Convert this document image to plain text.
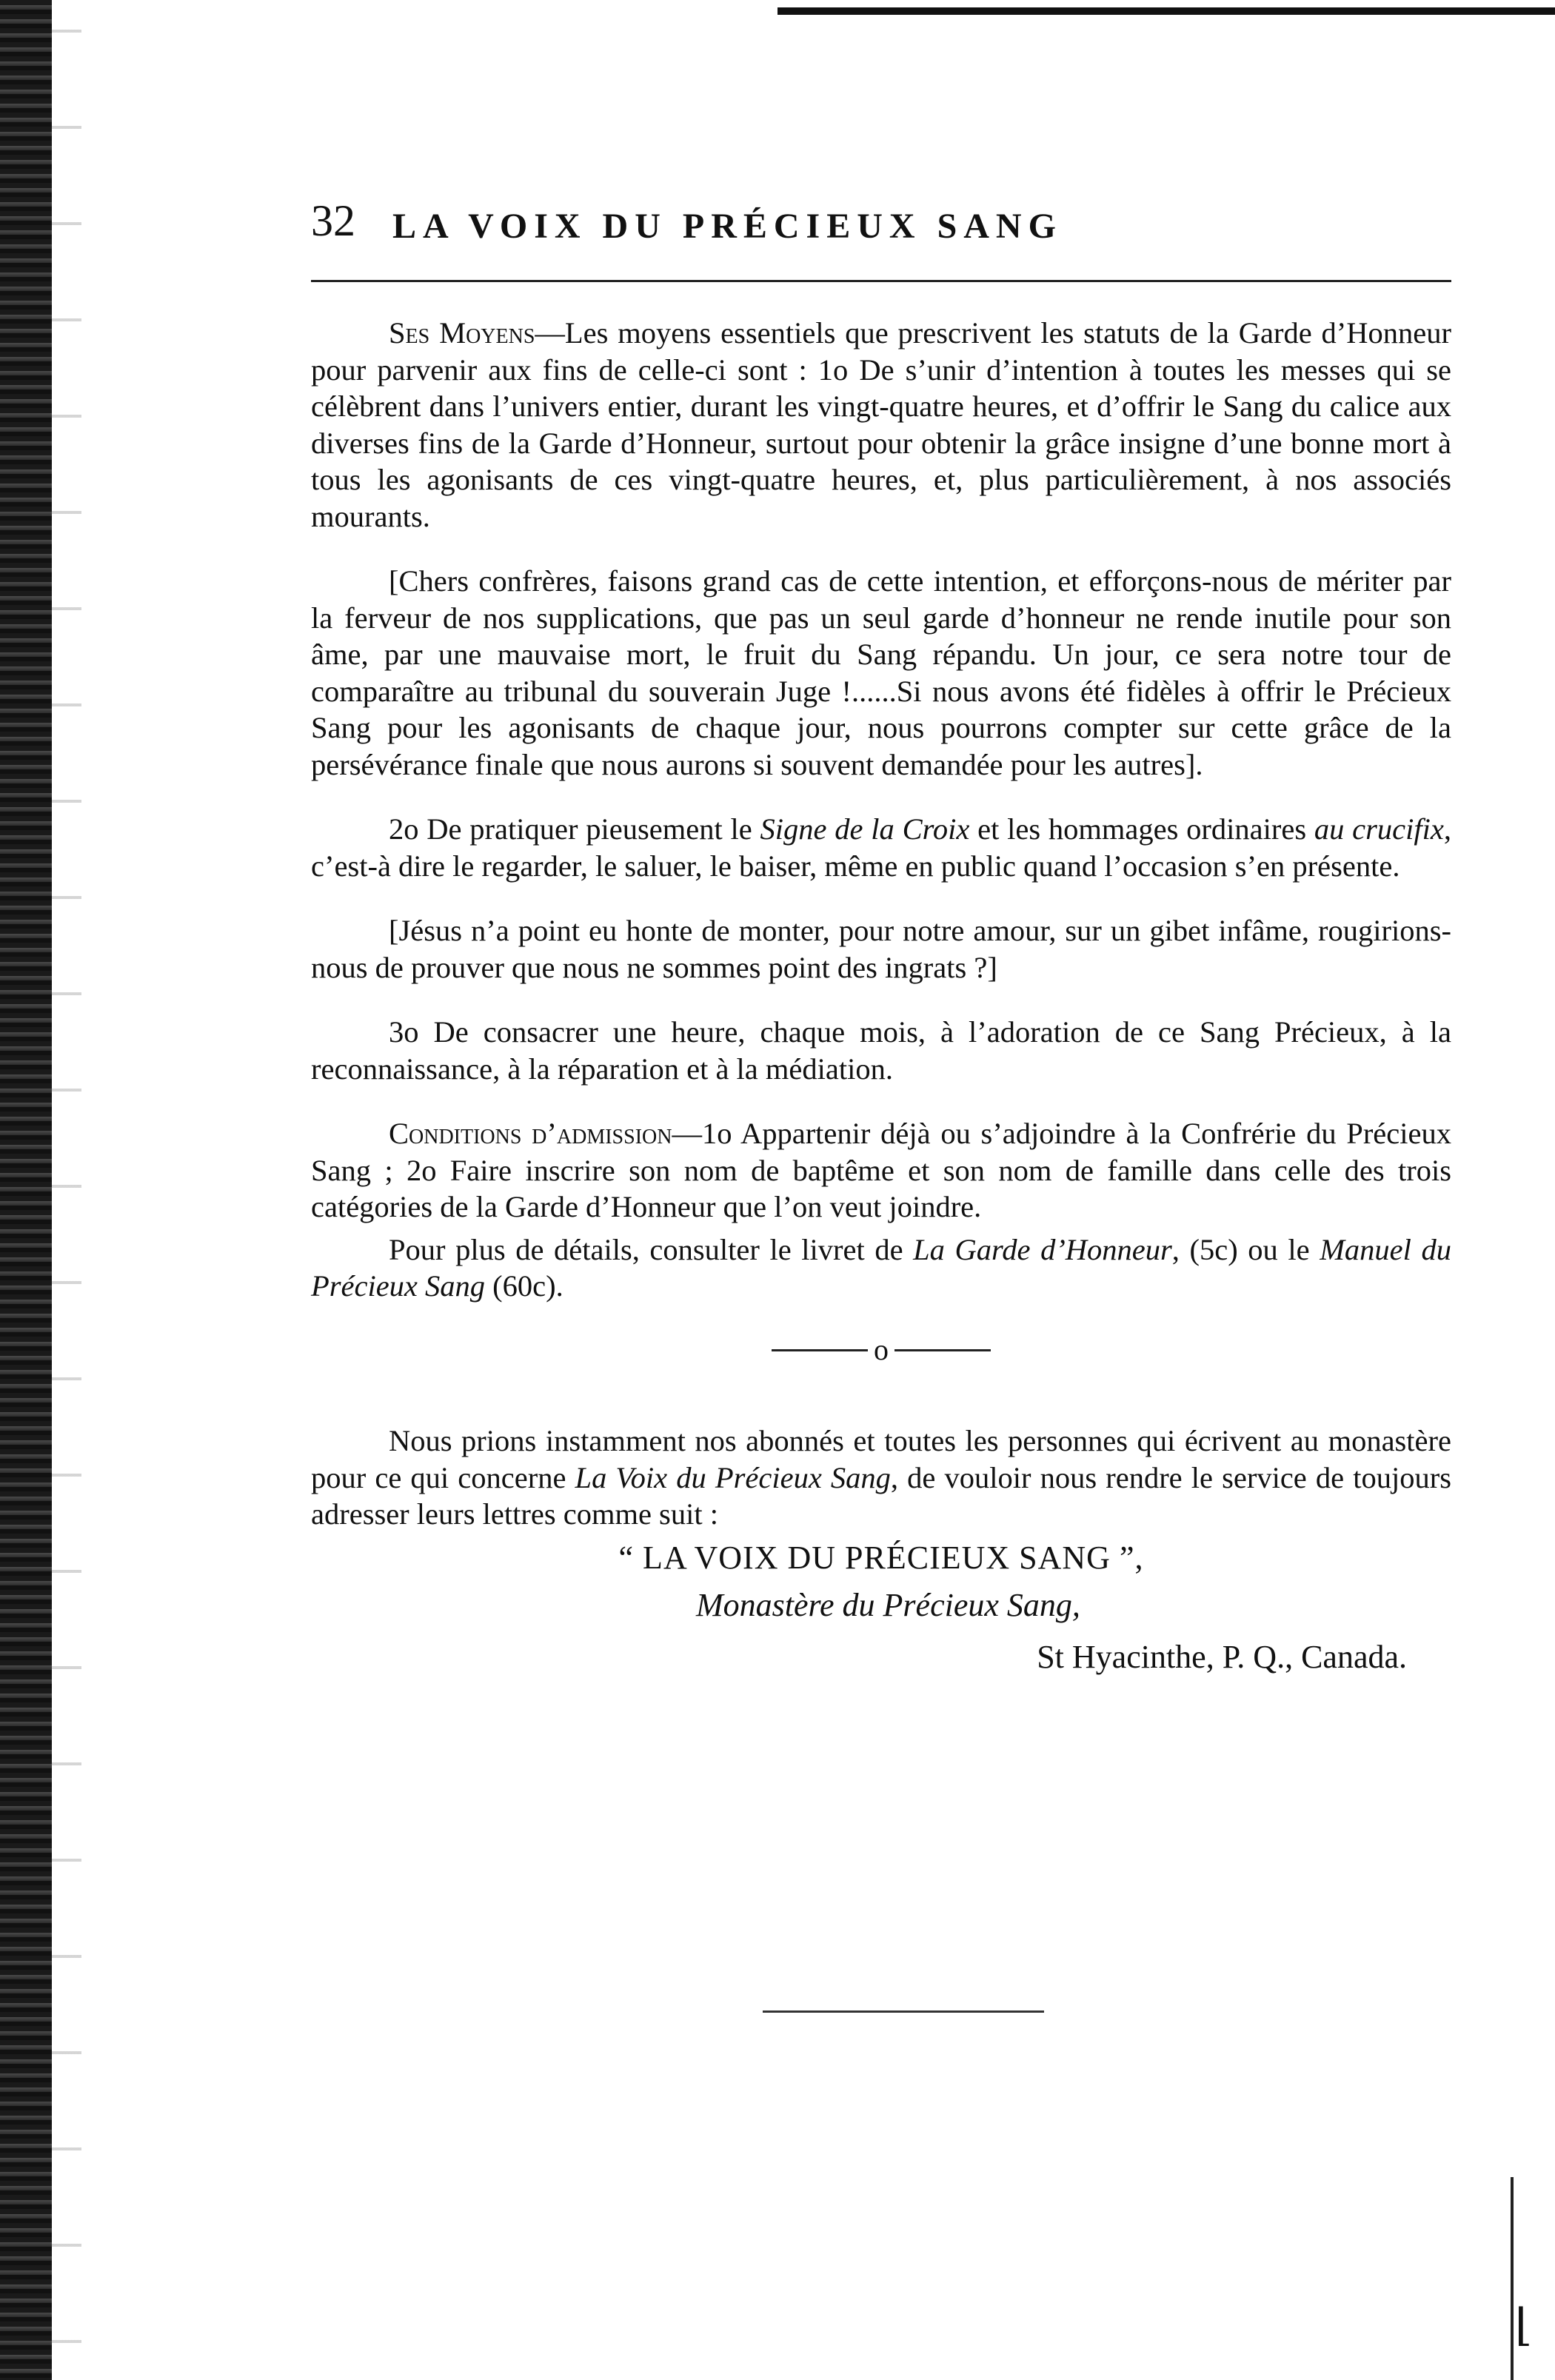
⌊
32 LA VOIX DU PRÉCIEUX SANG

Ses Moyens—Les moyens essentiels que prescrivent les statuts de la Garde d’Honneur pour parvenir aux fins de celle-ci sont : 1o De s’unir d’intention à toutes les messes qui se célèbrent dans l’univers entier, durant les vingt-quatre heures, et d’offrir le Sang du calice aux diverses fins de la Garde d’Honneur, surtout pour obtenir la grâce insigne d’une bonne mort à tous les agonisants de ces vingt-quatre heures, et, plus particulièrement, à nos associés mourants.

[Chers confrères, faisons grand cas de cette intention, et efforçons-nous de mériter par la ferveur de nos supplications, que pas un seul garde d’honneur ne rende inutile pour son âme, par une mauvaise mort, le fruit du Sang répandu. Un jour, ce sera notre tour de comparaître au tribunal du souverain Juge !......Si nous avons été fidèles à offrir le Précieux Sang pour les agonisants de chaque jour, nous pourrons compter sur cette grâce de la persévérance finale que nous aurons si souvent demandée pour les autres].

2o De pratiquer pieusement le Signe de la Croix et les hommages ordinaires au crucifix, c’est-à dire le regarder, le saluer, le baiser, même en public quand l’occasion s’en présente.

[Jésus n’a point eu honte de monter, pour notre amour, sur un gibet infâme, rougirions-nous de prouver que nous ne sommes point des ingrats ?]

3o De consacrer une heure, chaque mois, à l’adoration de ce Sang Précieux, à la reconnaissance, à la réparation et à la médiation.

Conditions d’admission—1o Appartenir déjà ou s’adjoindre à la Confrérie du Précieux Sang ; 2o Faire inscrire son nom de baptême et son nom de famille dans celle des trois catégories de la Garde d’Honneur que l’on veut joindre.

Pour plus de détails, consulter le livret de La Garde d’Honneur, (5c) ou le Manuel du Précieux Sang (60c).

o

Nous prions instamment nos abonnés et toutes les personnes qui écrivent au monastère pour ce qui concerne La Voix du Précieux Sang, de vouloir nous rendre le service de toujours adresser leurs lettres comme suit :

“ LA VOIX DU PRÉCIEUX SANG ”,
Monastère du Précieux Sang,
St Hyacinthe, P. Q., Canada.
